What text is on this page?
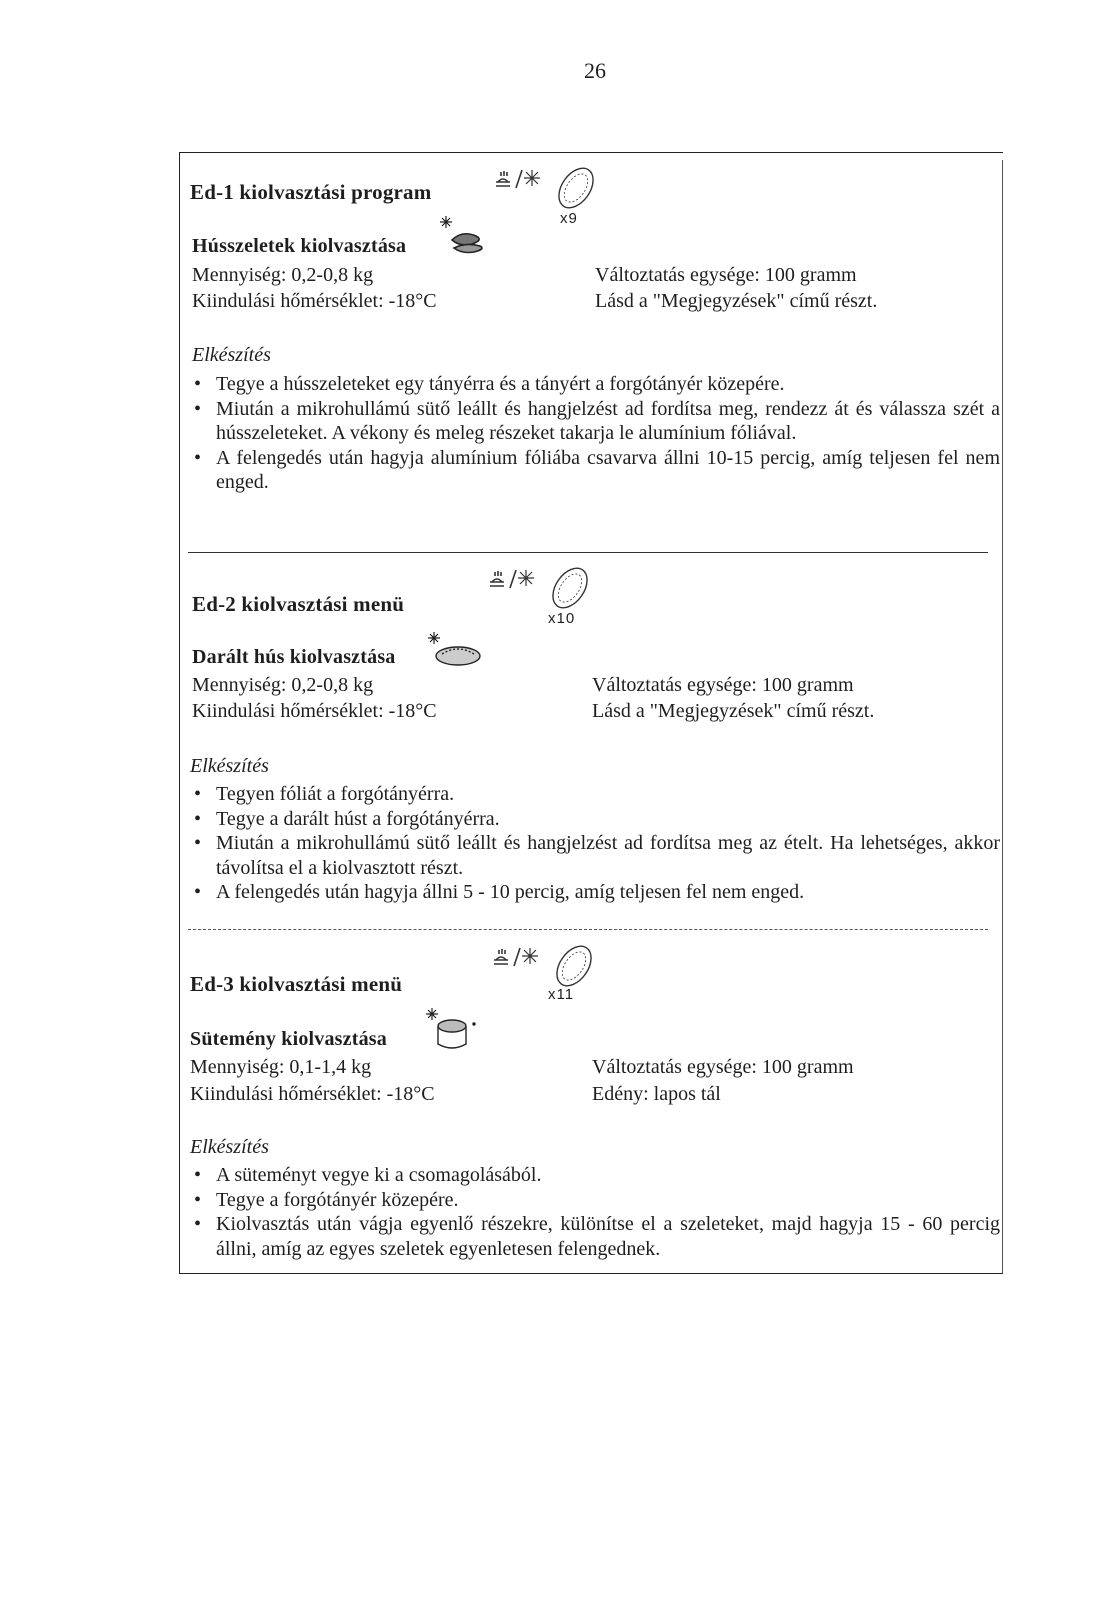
26
Ed-1 kiolvasztási program
x9
Hússzeletek kiolvasztása
Mennyiség: 0,2-0,8 kg
Kiindulási hőmérséklet: -18°C
Változtatás egysége: 100 gramm
Lásd a "Megjegyzések" című részt.
Elkészítés
• Tegye a hússzeleteket egy tányérra és a tányért a forgótányér közepére.
• Miután a mikrohullámú sütő leállt és hangjelzést ad fordítsa meg, rendezz át és válassza szét a hússzeleteket. A vékony és meleg részeket takarja le alumínium fóliával.
• A felengedés után hagyja alumínium fóliába csavarva állni 10-15 percig, amíg teljesen fel nem enged.
Ed-2 kiolvasztási menü
x10
Darált hús kiolvasztása
Mennyiség: 0,2-0,8 kg
Kiindulási hőmérséklet: -18°C
Változtatás egysége: 100 gramm
Lásd a "Megjegyzések" című részt.
Elkészítés
• Tegyen fóliát a forgótányérra.
• Tegye a darált húst a forgótányérra.
• Miután a mikrohullámú sütő leállt és hangjelzést ad fordítsa meg az ételt. Ha lehetséges, akkor távolítsa el a kiolvasztott részt.
• A felengedés után hagyja állni 5 - 10 percig, amíg teljesen fel nem enged.
Ed-3 kiolvasztási menü	x11
Sütemény kiolvasztása
Mennyiség: 0,1-1,4 kg
Kiindulási hőmérséklet: -18°C
Változtatás egysége: 100 gramm
Edény: lapos tál
Elkészítés
• A süteményt vegye ki a csomagolásából.
• Tegye a forgótányér közepére.
• Kiolvasztás után vágja egyenlő részekre, különítse el a szeleteket, majd hagyja 15 - 60 percig állni, amíg az egyes szeletek egyenletesen felengednek.
